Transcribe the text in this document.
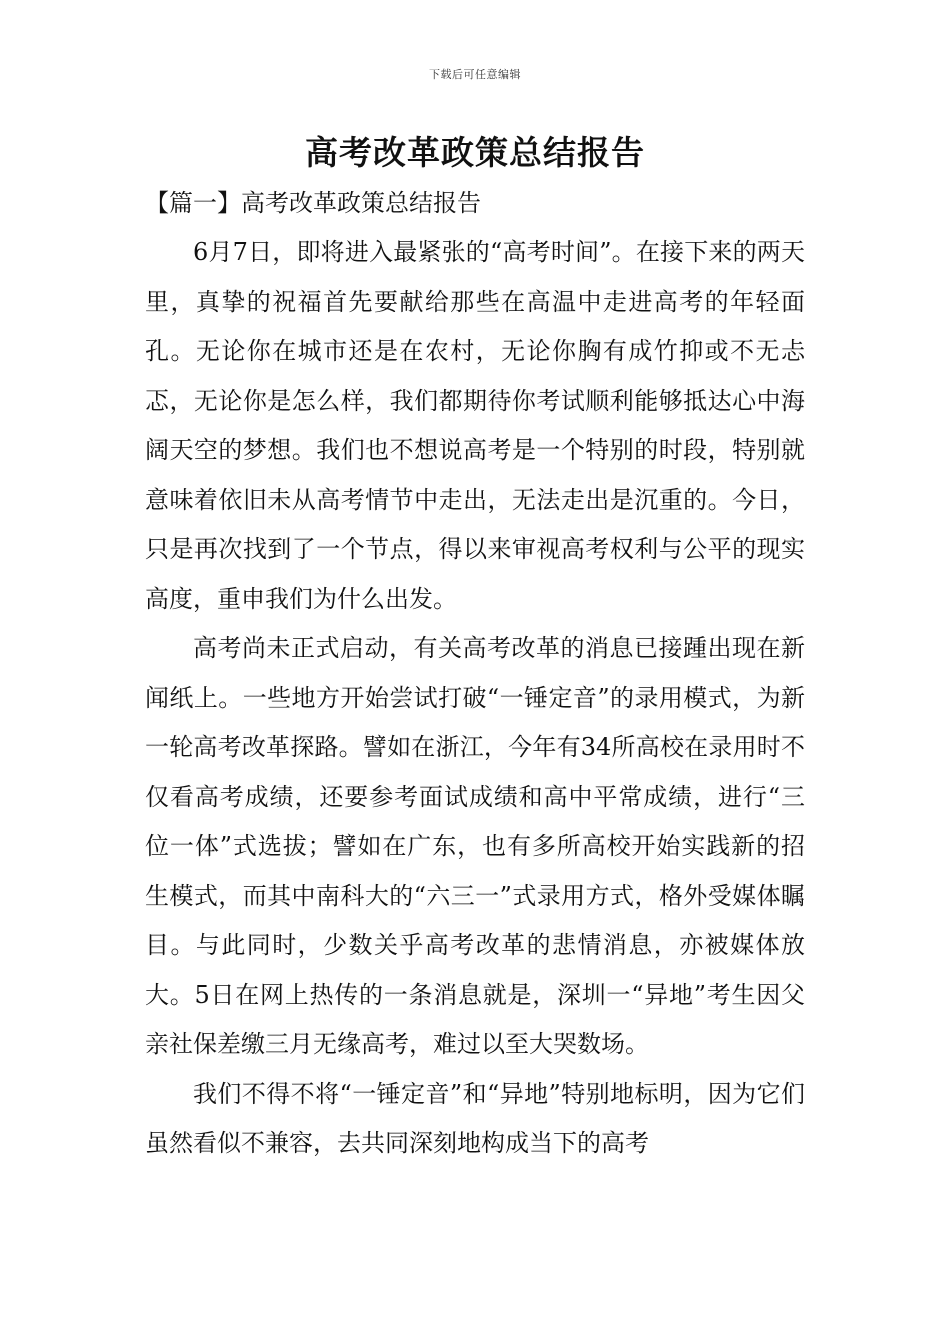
下载后可任意编辑
高考改革政策总结报告
【篇一】高考改革政策总结报告

6月7日，即将进入最紧张的“高考时间”。在接下来的两天里，真挚的祝福首先要献给那些在高温中走进高考的年轻面孔。无论你在城市还是在农村，无论你胸有成竹抑或不无忐忑，无论你是怎么样，我们都期待你考试顺利能够抵达心中海阔天空的梦想。我们也不想说高考是一个特别的时段，特别就意味着依旧未从高考情节中走出，无法走出是沉重的。今日，只是再次找到了一个节点，得以来审视高考权利与公平的现实高度，重申我们为什么出发。

高考尚未正式启动，有关高考改革的消息已接踵出现在新闻纸上。一些地方开始尝试打破“一锤定音”的录用模式，为新一轮高考改革探路。譬如在浙江，今年有34所高校在录用时不仅看高考成绩，还要参考面试成绩和高中平常成绩，进行“三位一体”式选拔；譬如在广东，也有多所高校开始实践新的招生模式，而其中南科大的“六三一”式录用方式，格外受媒体瞩目。与此同时，少数关乎高考改革的悲情消息，亦被媒体放大。5日在网上热传的一条消息就是，深圳一“异地”考生因父亲社保差缴三月无缘高考，难过以至大哭数场。

我们不得不将“一锤定音”和“异地”特别地标明，因为它们虽然看似不兼容，去共同深刻地构成当下的高考
